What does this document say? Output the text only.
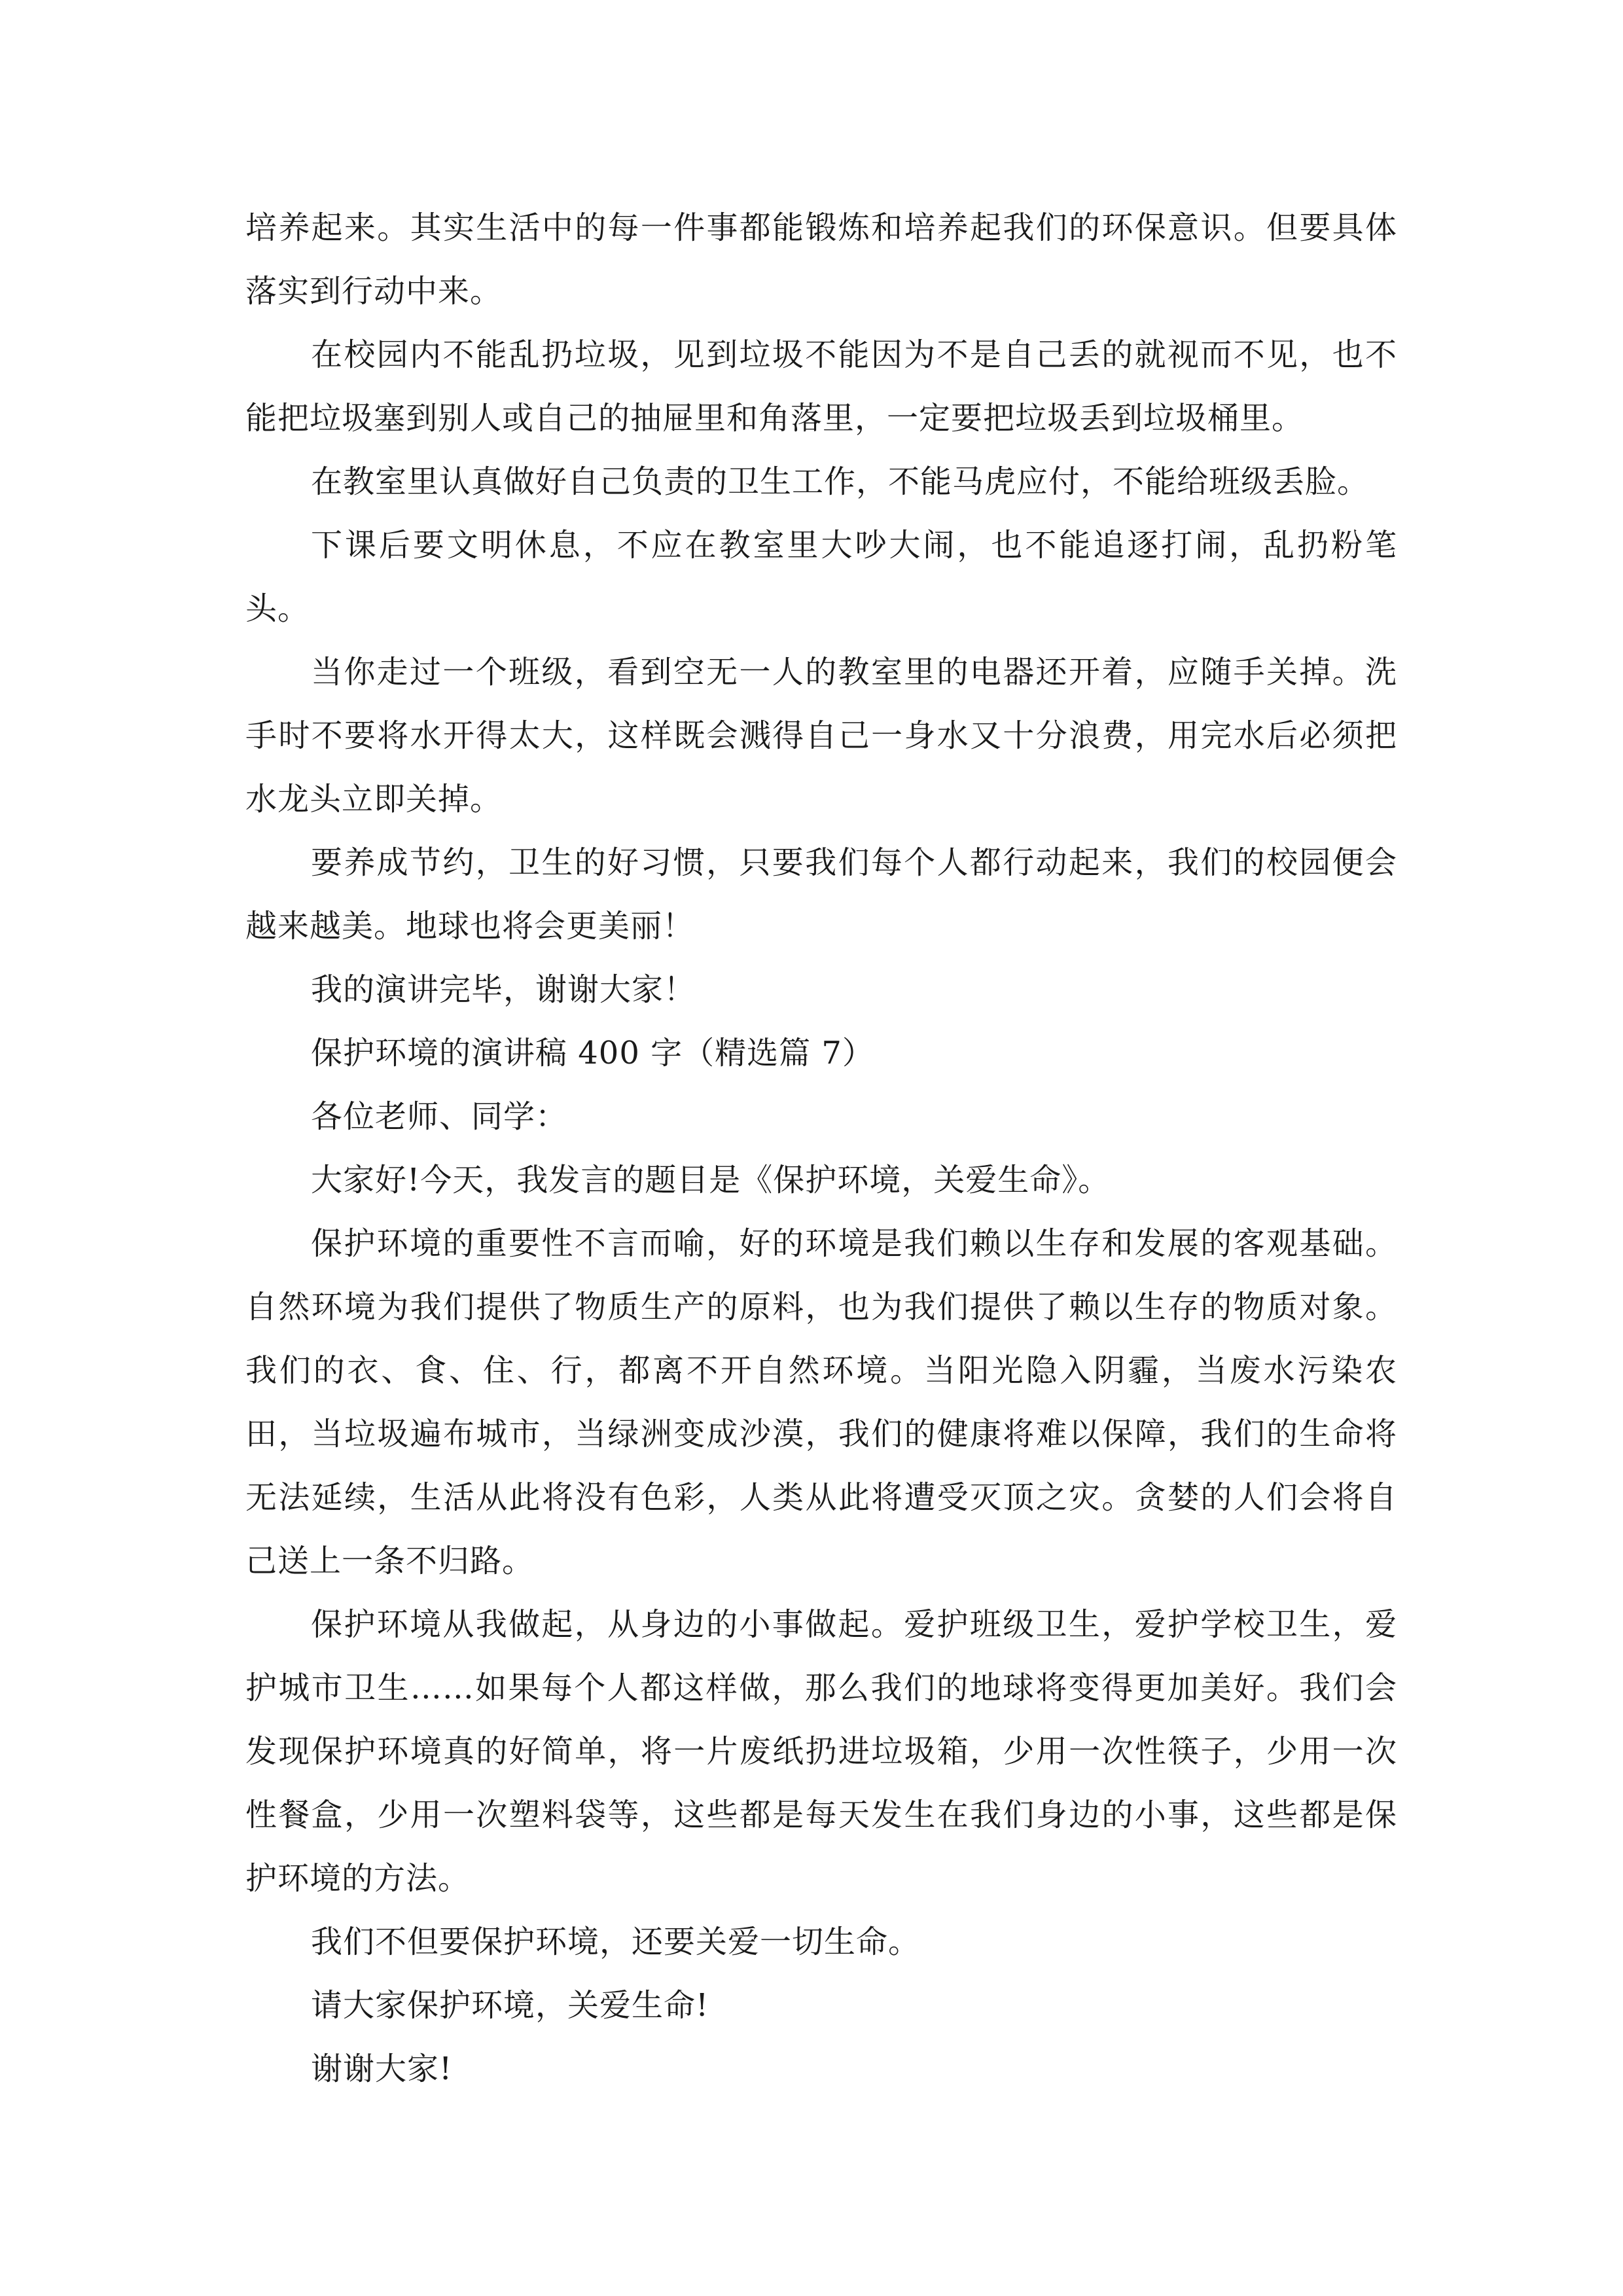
培养起来。其实生活中的每一件事都能锻炼和培养起我们的环保意识。但要具体落实到行动中来。

在校园内不能乱扔垃圾，见到垃圾不能因为不是自己丢的就视而不见，也不能把垃圾塞到别人或自己的抽屉里和角落里，一定要把垃圾丢到垃圾桶里。

在教室里认真做好自己负责的卫生工作，不能马虎应付，不能给班级丢脸。

下课后要文明休息，不应在教室里大吵大闹，也不能追逐打闹，乱扔粉笔头。

当你走过一个班级，看到空无一人的教室里的电器还开着，应随手关掉。洗手时不要将水开得太大，这样既会溅得自己一身水又十分浪费，用完水后必须把水龙头立即关掉。

要养成节约，卫生的好习惯，只要我们每个人都行动起来，我们的校园便会越来越美。地球也将会更美丽！

我的演讲完毕，谢谢大家！

保护环境的演讲稿 400 字（精选篇 7）

各位老师、同学：

大家好!今天，我发言的题目是《保护环境，关爱生命》。

保护环境的重要性不言而喻，好的环境是我们赖以生存和发展的客观基础。自然环境为我们提供了物质生产的原料，也为我们提供了赖以生存的物质对象。我们的衣、食、住、行，都离不开自然环境。当阳光隐入阴霾，当废水污染农田，当垃圾遍布城市，当绿洲变成沙漠，我们的健康将难以保障，我们的生命将无法延续，生活从此将没有色彩，人类从此将遭受灭顶之灾。贪婪的人们会将自己送上一条不归路。

保护环境从我做起，从身边的小事做起。爱护班级卫生，爱护学校卫生，爱护城市卫生……如果每个人都这样做，那么我们的地球将变得更加美好。我们会发现保护环境真的好简单，将一片废纸扔进垃圾箱，少用一次性筷子，少用一次性餐盒，少用一次塑料袋等，这些都是每天发生在我们身边的小事，这些都是保护环境的方法。

我们不但要保护环境，还要关爱一切生命。

请大家保护环境，关爱生命!

谢谢大家!
